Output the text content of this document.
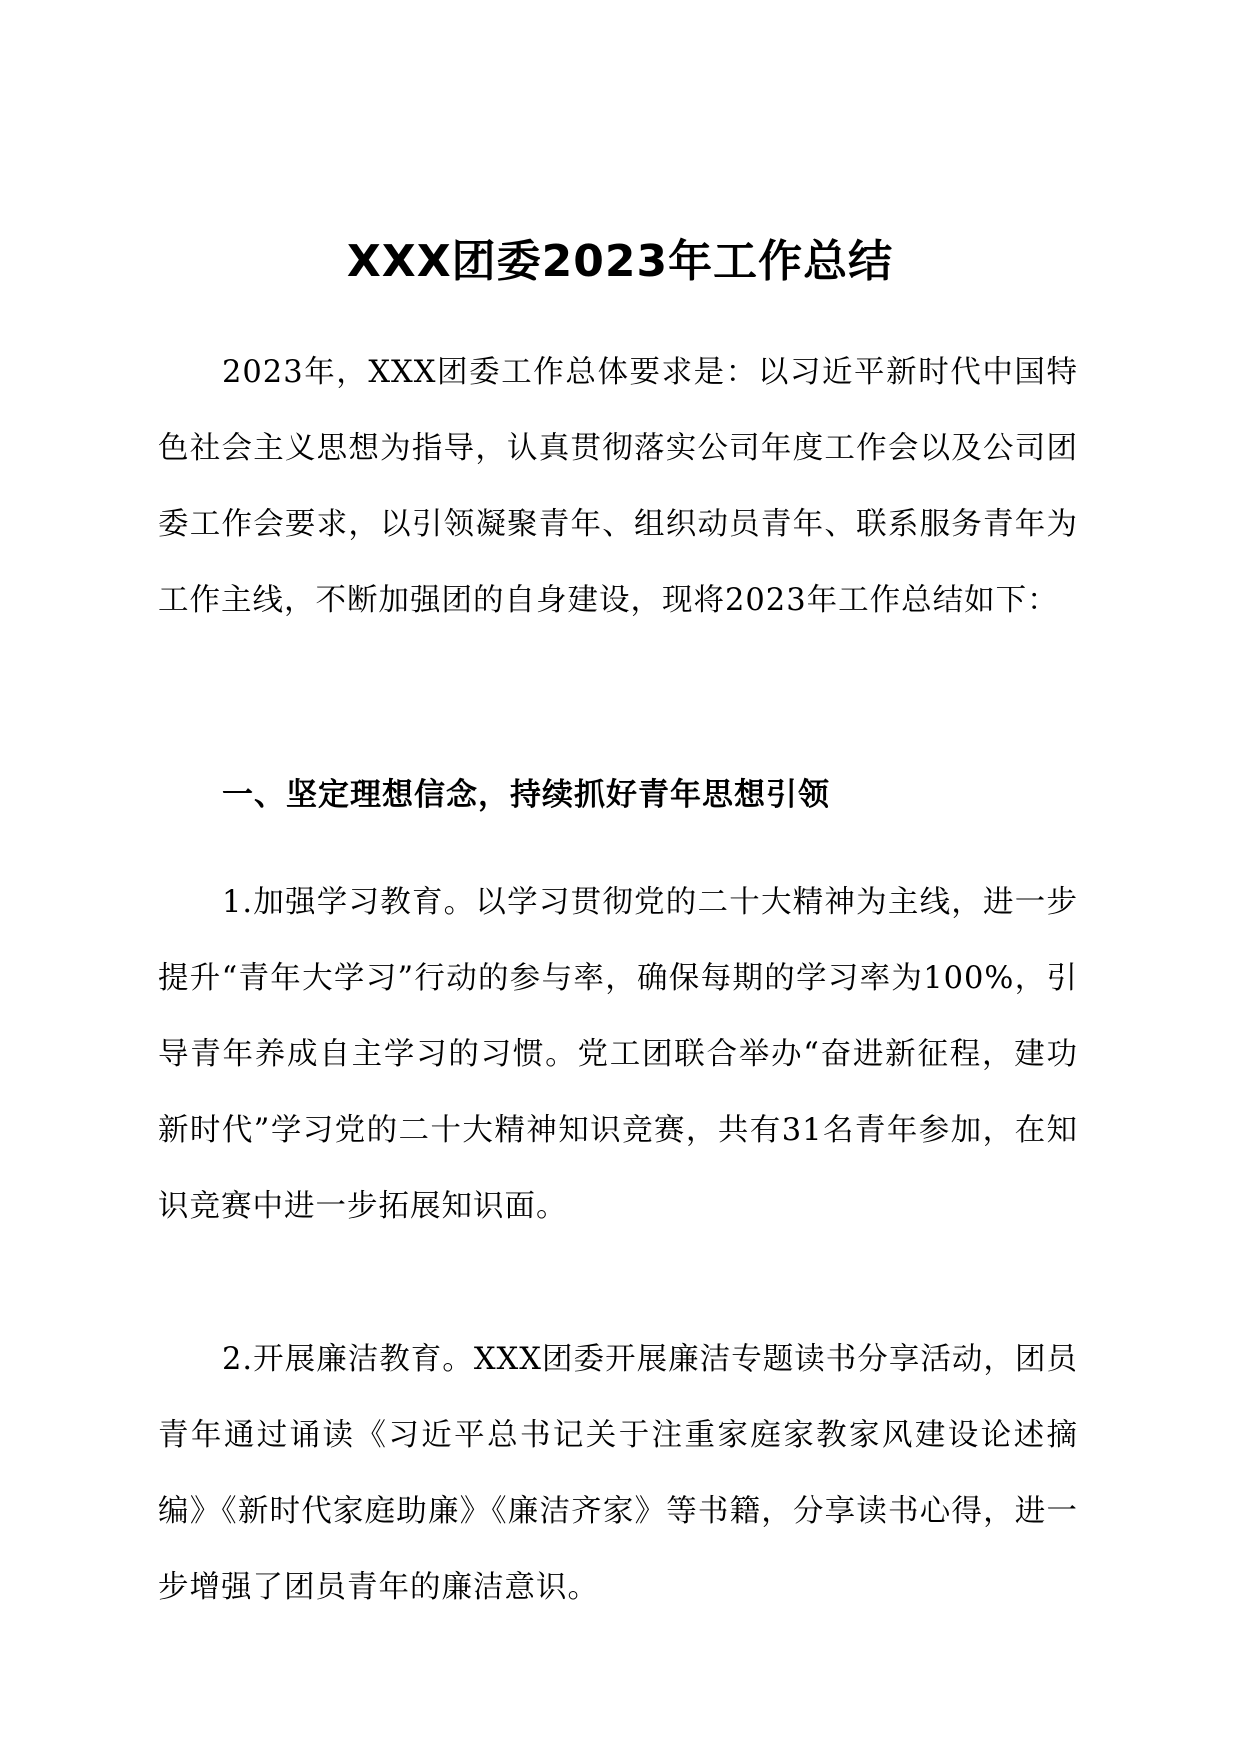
XXX团委2023年工作总结

2023年，XXX团委工作总体要求是：以习近平新时代中国特色社会主义思想为指导，认真贯彻落实公司年度工作会以及公司团委工作会要求，以引领凝聚青年、组织动员青年、联系服务青年为工作主线，不断加强团的自身建设，现将2023年工作总结如下：

一、坚定理想信念，持续抓好青年思想引领

1.加强学习教育。以学习贯彻党的二十大精神为主线，进一步提升“青年大学习”行动的参与率，确保每期的学习率为100%，引导青年养成自主学习的习惯。党工团联合举办“奋进新征程，建功新时代”学习党的二十大精神知识竞赛，共有31名青年参加，在知识竞赛中进一步拓展知识面。

2.开展廉洁教育。XXX团委开展廉洁专题读书分享活动，团员青年通过诵读《习近平总书记关于注重家庭家教家风建设论述摘编》《新时代家庭助廉》《廉洁齐家》等书籍，分享读书心得，进一步增强了团员青年的廉洁意识。
